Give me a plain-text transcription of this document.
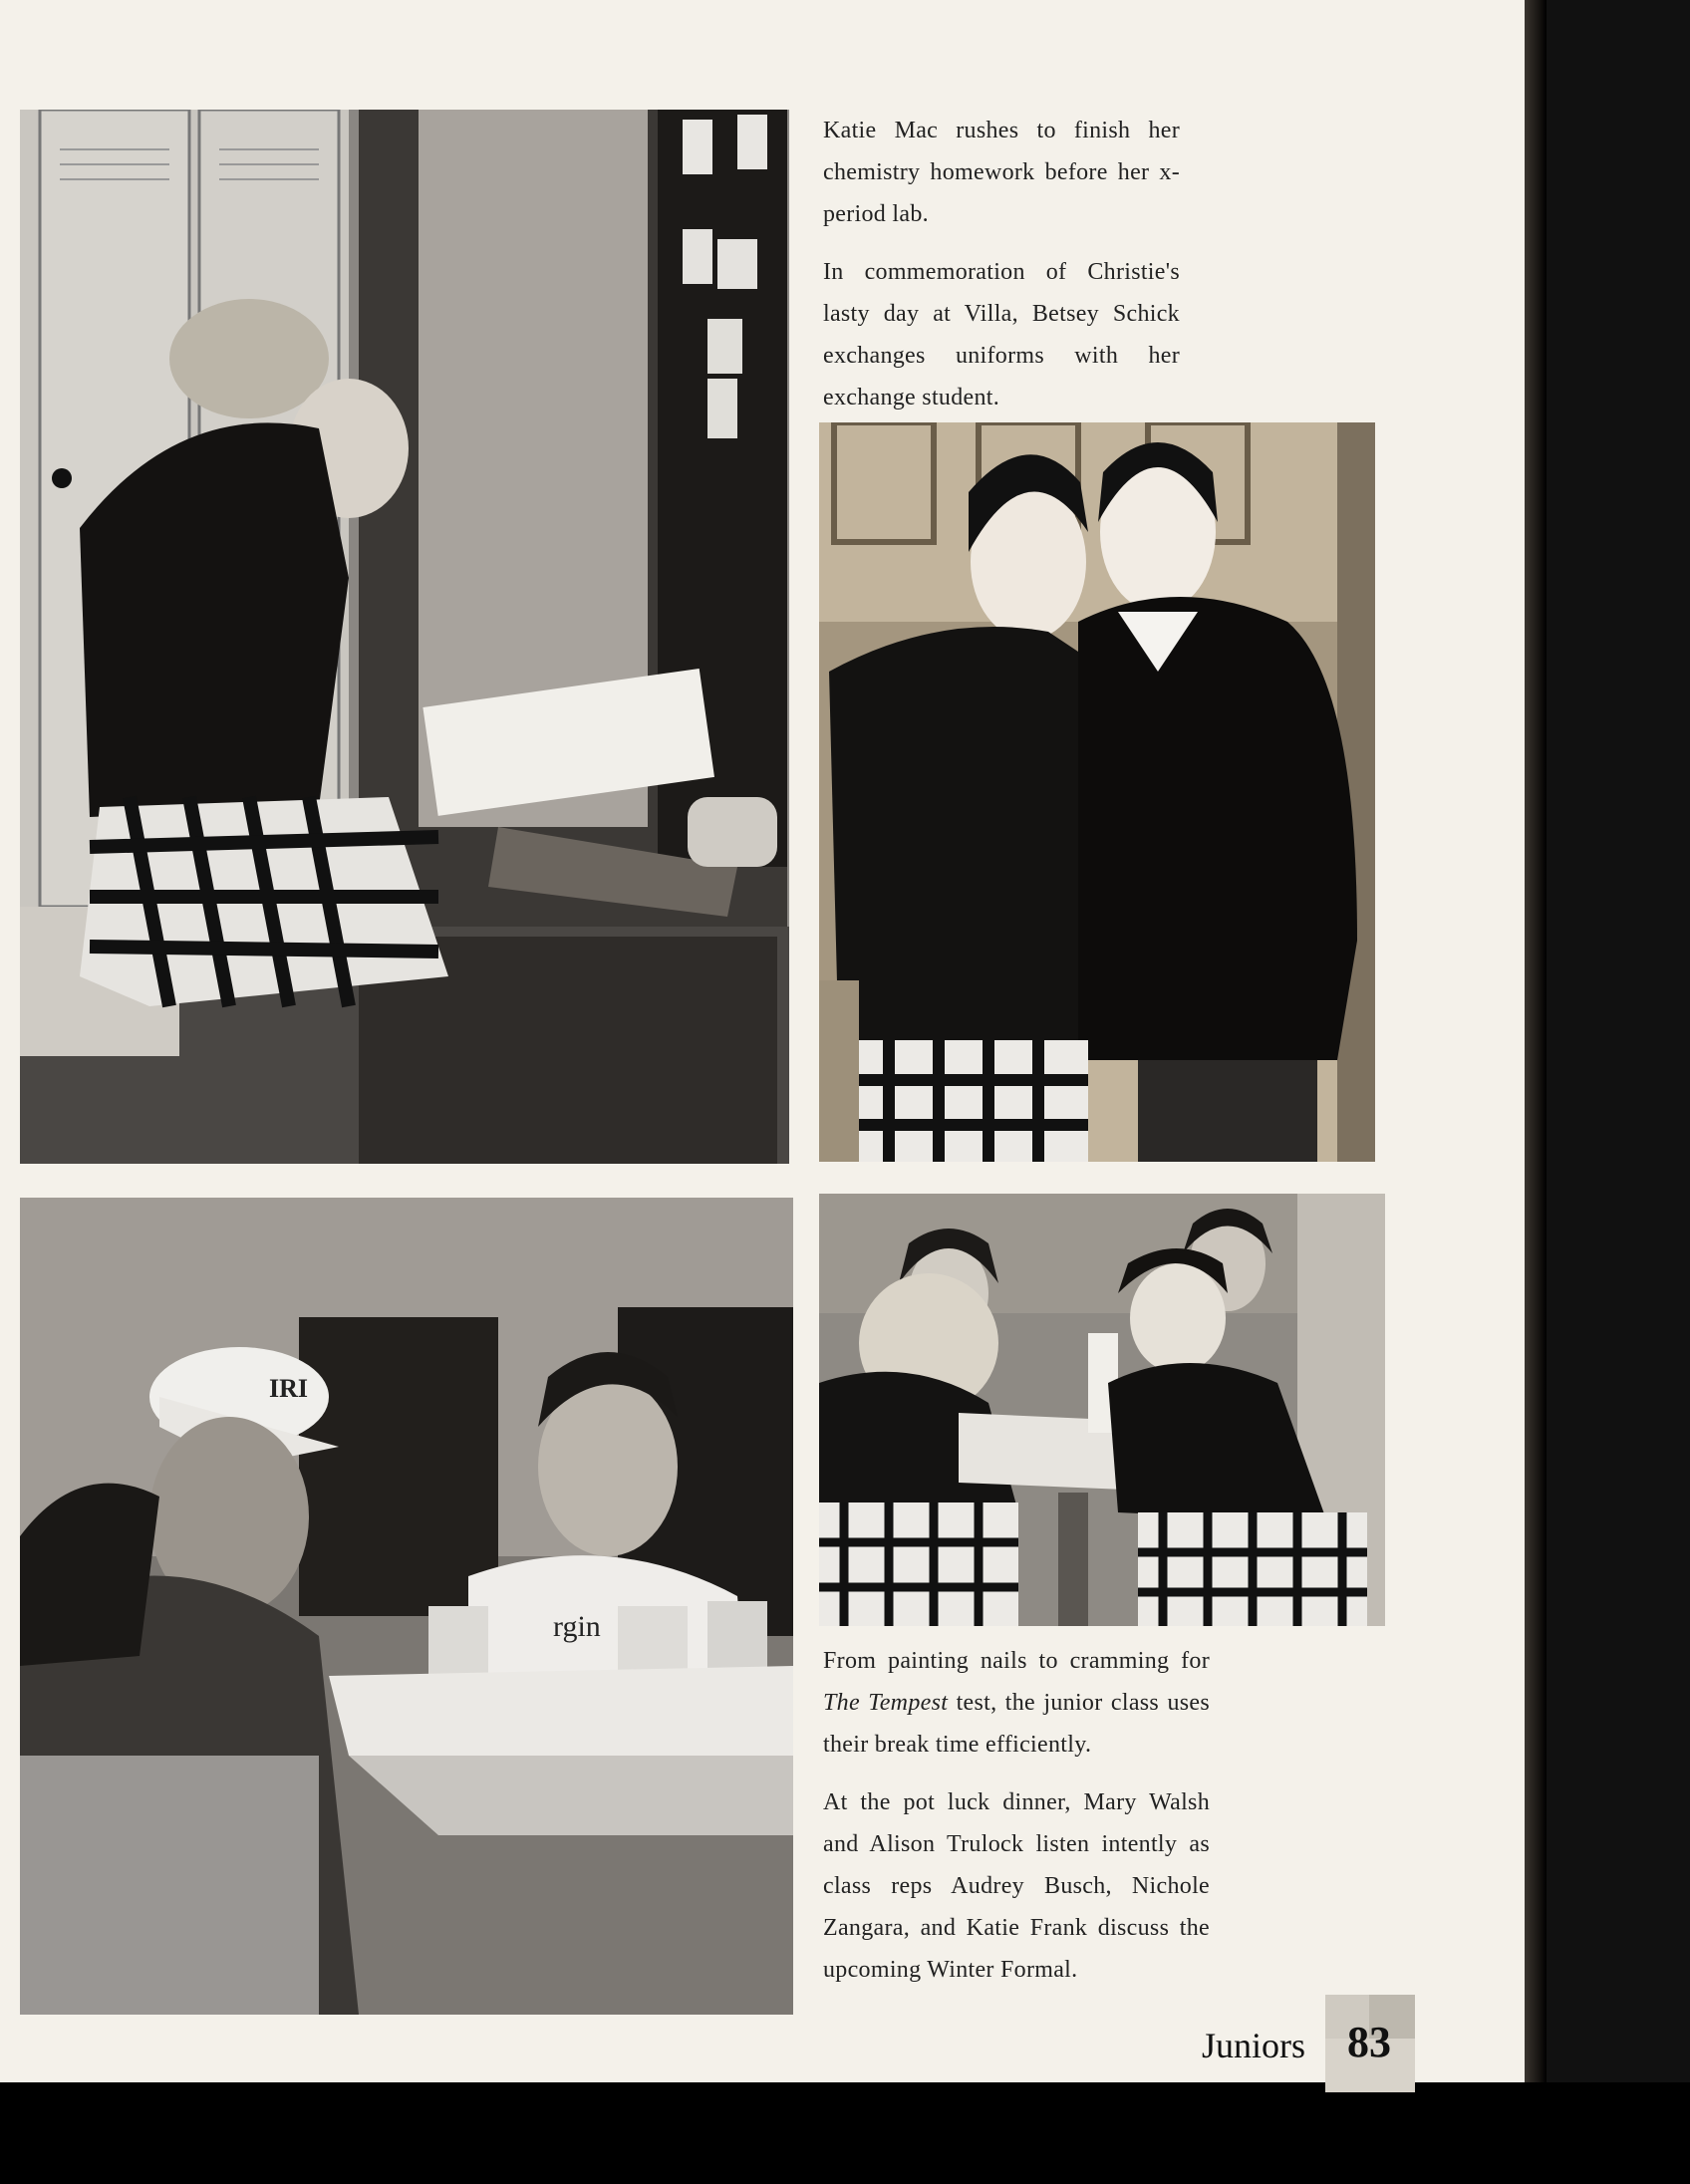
IRI
rgin

Katie Mac rushes to finish her chemistry homework before her x-period lab.

In commemoration of Christie's lasty day at Villa, Betsey Schick exchanges uniforms with her exchange student.

From painting nails to cramming for The Tempest test, the junior class uses their break time efficiently.

At the pot luck dinner, Mary Walsh and Alison Trulock listen intently as class reps Audrey Busch, Nichole Zangara, and Katie Frank discuss the upcoming Winter Formal.

Juniors 83
